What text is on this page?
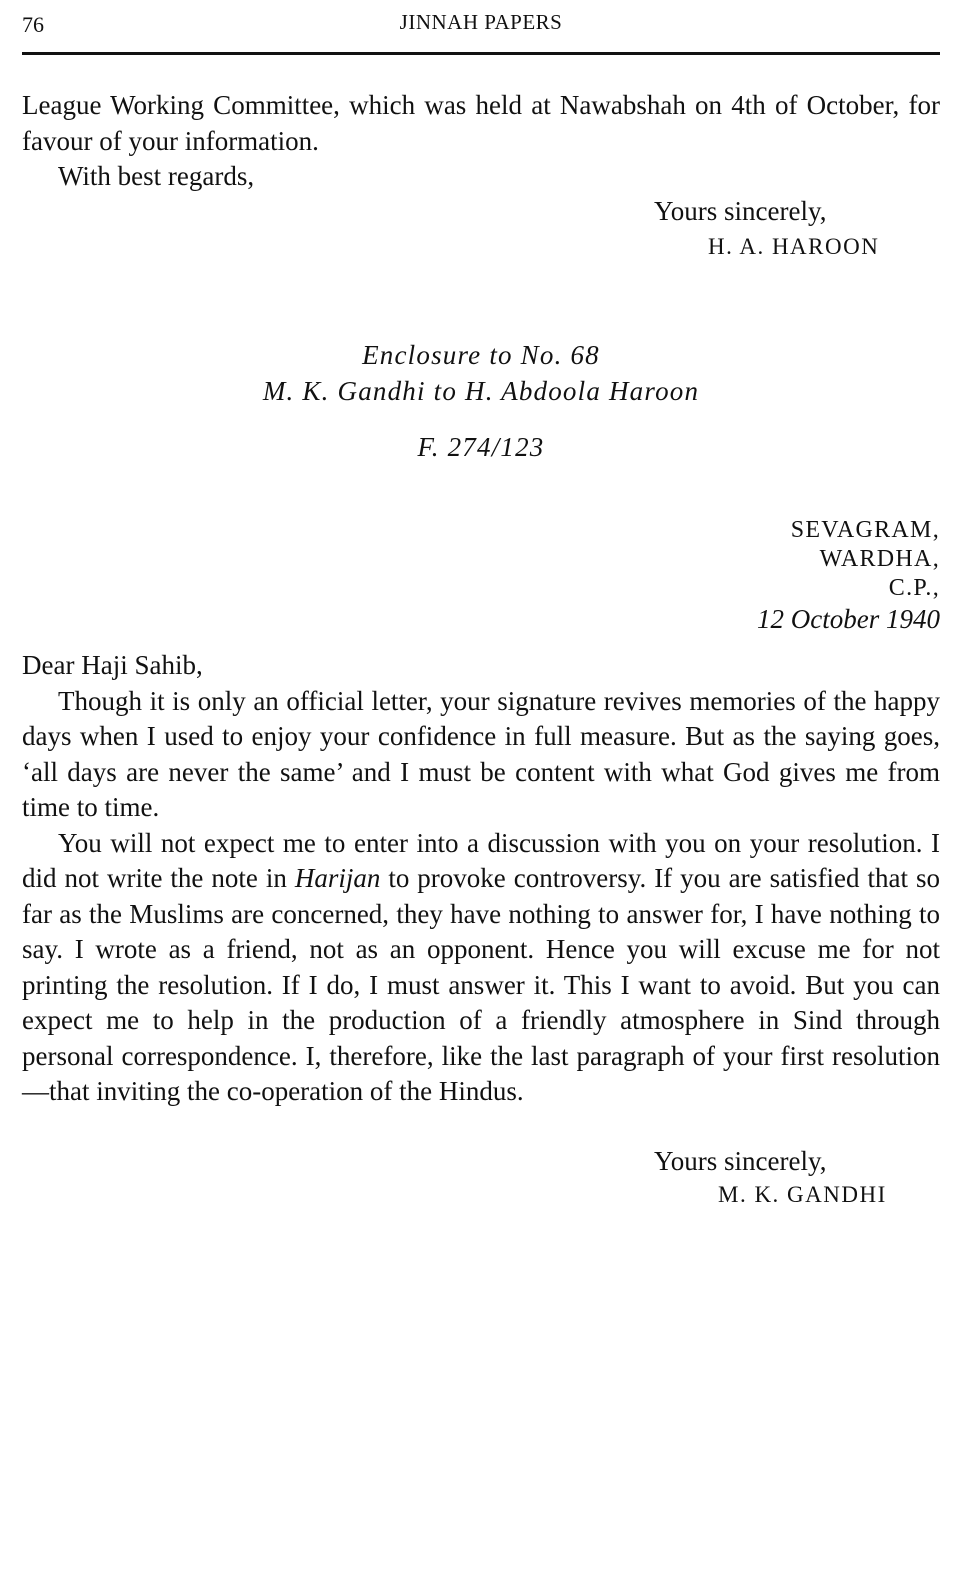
76	JINNAH PAPERS

League Working Committee, which was held at Nawabshah on 4th of October, for favour of your information.

With best regards,

Yours sincerely,
H. A. HAROON
Enclosure to No. 68
M. K. Gandhi to H. Abdoola Haroon
F. 274/123
SEVAGRAM,
WARDHA,
C.P.,
12 October 1940

Dear Haji Sahib,

Though it is only an official letter, your signature revives memories of the happy days when I used to enjoy your confidence in full measure. But as the saying goes, ‘all days are never the same’ and I must be content with what God gives me from time to time.

You will not expect me to enter into a discussion with you on your resolution. I did not write the note in Harijan to provoke controversy. If you are satisfied that so far as the Muslims are concerned, they have nothing to answer for, I have nothing to say. I wrote as a friend, not as an opponent. Hence you will excuse me for not printing the resolution. If I do, I must answer it. This I want to avoid. But you can expect me to help in the production of a friendly atmosphere in Sind through personal correspondence. I, therefore, like the last paragraph of your first resolution—that inviting the co-operation of the Hindus.

Yours sincerely,
M. K. GANDHI
